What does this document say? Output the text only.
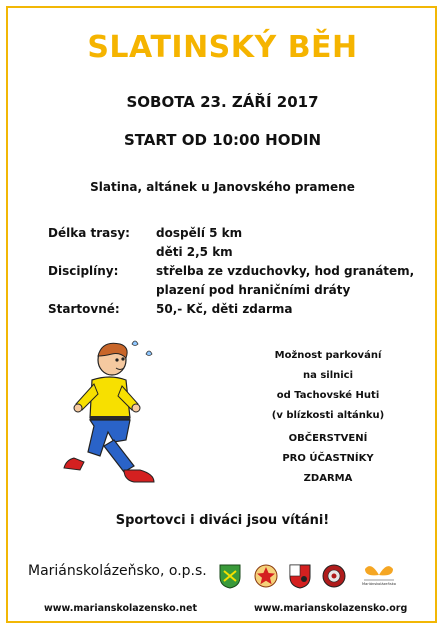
SLATINSKÝ BĚH
SOBOTA 23. ZÁŘÍ 2017
START OD 10:00 HODIN
Slatina, altánek u Janovského pramene
Délka trasy:	dospělí 5 km
děti 2,5 km
Disciplíny:	střelba ze vzduchovky, hod granátem,
plazení pod hraničními dráty
Startovné:	50,- Kč, děti zdarma
Možnost parkování
na silnici
od Tachovské Huti
(v blízkosti altánku)
OBČERSTVENÍ
PRO ÚČASTNÍKY
ZDARMA
Sportovci i diváci jsou vítáni!
Mariánskolázeňsko, o.p.s.
Mariánskolázeňsko
www.marianskolazensko.net	www.marianskolazensko.org
